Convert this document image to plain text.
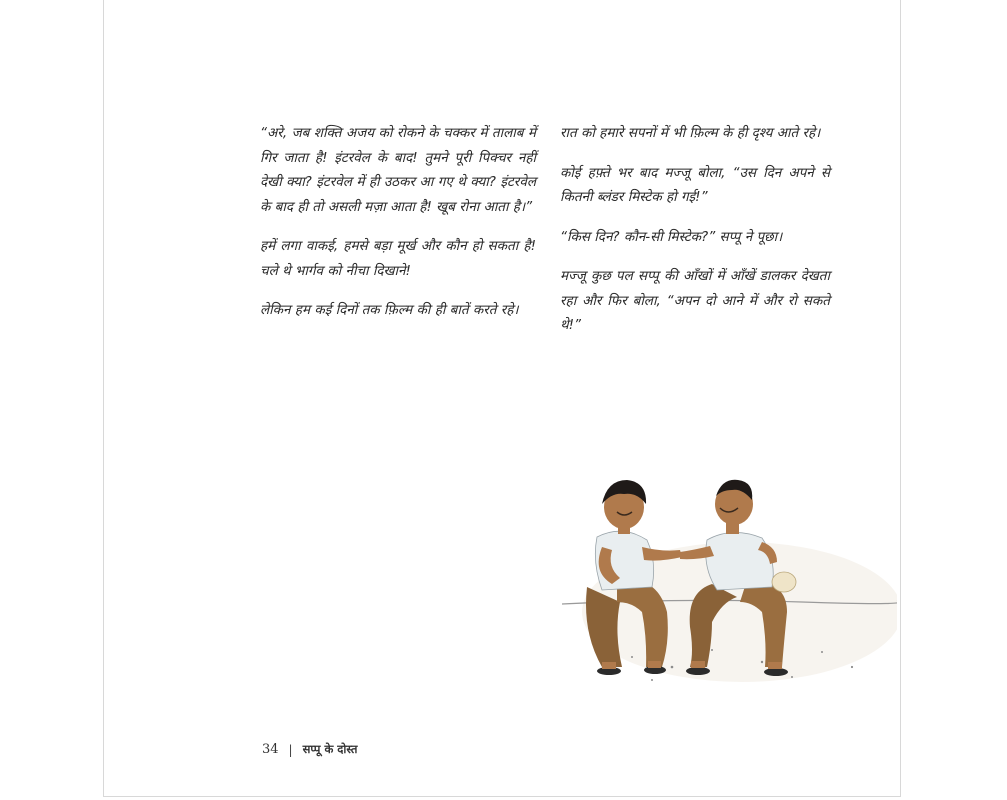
“अरे, जब शक्ति अजय को रोकने के चक्कर में तालाब में गिर जाता है! इंटरवेल के बाद! तुमने पूरी पिक्चर नहीं देखी क्या? इंटरवेल में ही उठकर आ गए थे क्या? इंटरवेल के बाद ही तो असली मज़ा आता है! खूब रोना आता है।”

हमें लगा वाकई, हमसे बड़ा मूर्ख और कौन हो सकता है! चले थे भार्गव को नीचा दिखाने!

लेकिन हम कई दिनों तक फ़िल्म की ही बातें करते रहे।

रात को हमारे सपनों में भी फ़िल्म के ही दृश्य आते रहे।

कोई हफ़्ते भर बाद मज्जू बोला, “उस दिन अपने से कितनी ब्लंडर मिस्टेक हो गई!”

“किस दिन? कौन-सी मिस्टेक?” सप्पू ने पूछा।

मज्जू कुछ पल सप्पू की आँखों में आँखें डालकर देखता रहा और फिर बोला, “अपन दो आने में और रो सकते थे!”

34 | सप्पू के दोस्त
